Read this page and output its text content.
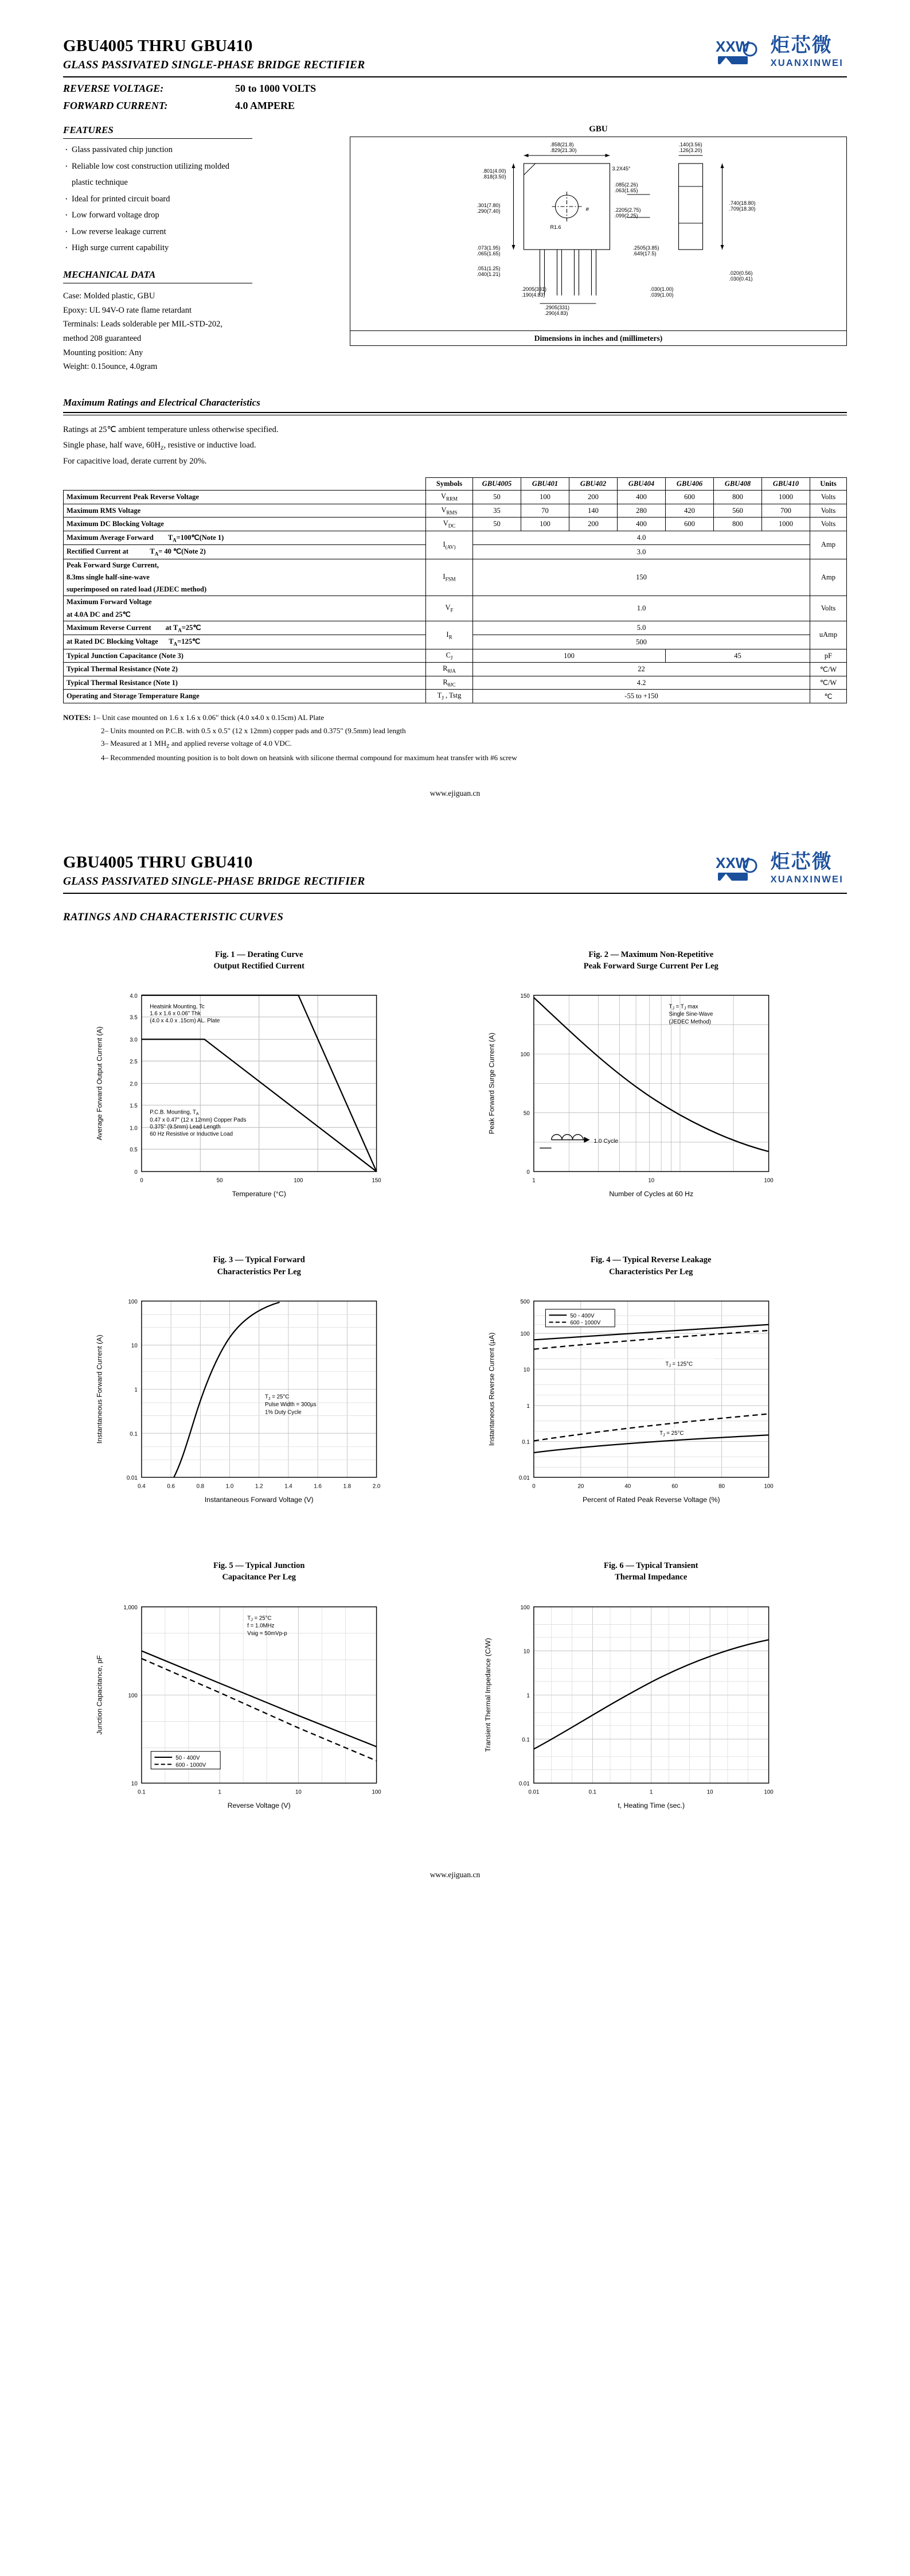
GBU4005 THRU GBU410
GLASS PASSIVATED SINGLE-PHASE BRIDGE RECTIFIER
XXW 炬芯微
XUANXINWEI
REVERSE VOLTAGE:	50 to 1000 VOLTS
FORWARD CURRENT:	4.0 AMPERE
FEATURES
· Glass passivated chip junction
· Reliable low cost construction utilizing molded
plastic technique
· Ideal for printed circuit board
· Low forward voltage drop
· Low reverse leakage current
· High surge current capability
MECHANICAL DATA
Case: Molded plastic, GBU
Epoxy: UL 94V-O rate flame retardant
Terminals: Leads solderable per MIL-STD-202,
method 208 guaranteed
Mounting position: Any
Weight: 0.15ounce, 4.0gram
GBU
.858(21.8)
.829(21.30)
.801(4.00)
.818(3.50)
.301(7.80)
.290(7.40)
.073(1.95)
.065(1.65)
.051(1.25)
.040(1.21)
.2005(331)
.190(4.83)
.2905(331)
.290(4.83)
.085(2.26)
.063(1.65)
.2205(2.75)
.099(2.25)
3.2X45°
R1.6
ø
.140(3.56)
.126(3.20)
.740(18.80)
.709(18.30)
.2505(3.85)
.649(17.5)
.020(0.56)
.030(0.41)
.030(1.00)
.039(1.00)
Dimensions in inches and (millimeters)
Maximum Ratings and Electrical Characteristics
Ratings at 25℃ ambient temperature unless otherwise specified.
Single phase, half wave, $60H_Z$, resistive or inductive load.
For capacitive load, derate current by 20%.
	Symbols	GBU4005	GBU401	GBU402	GBU404	GBU406	GBU408	GBU410	Units
Maximum Recurrent Peak Reverse Voltage	$V_{RRM}$	50	100	200	400	600	800	1000	Volts
Maximum RMS Voltage	$V_{RMS}$	35	70	140	280	420	560	700	Volts
Maximum DC Blocking Voltage	$V_{DC}$	50	100	200	400	600	800	1000	Volts
Maximum Average Forward        $T_A=100℃(Note$ 1)	$I_{(AV)}$	4.0							Amp
Rectified Current at            $T_A= 40$ ℃(Note 2)		3.0							
Peak Forward Surge Current,	$I_{FSM}$	150							Amp
8.3ms single half-sine-wave									
superimposed on rated load (JEDEC method)									
Maximum Forward Voltage	$V_F$	1.0							Volts
at 4.0A DC and 25℃									
Maximum Reverse Current        at $T_A=25℃$	$I_R$	5.0							uAmp
at Rated DC Blocking Voltage      $T_A=125℃$		500							
Typical Junction Capacitance (Note 3)	$C_J$	100				45			pF
Typical Thermal Resistance (Note 2)	$R_{\theta JA}$	22							℃/W
Typical Thermal Resistance (Note 1)	$R_{\theta JC}$	4.2							℃/W
Operating and Storage Temperature Range	$T_J$ , Tstg	-55 to +150							℃
NOTES: 1– Unit case mounted on 1.6 x 1.6 x 0.06" thick (4.0 x4.0 x 0.15cm) AL Plate
2– Units mounted on P.C.B. with 0.5 x 0.5" (12 x 12mm) copper pads and 0.375" (9.5mm) lead length
3– Measured at 1 $MH_Z$ and applied reverse voltage of 4.0 VDC.
4– Recommended mounting position is to bolt down on heatsink with silicone thermal compound for maximum heat transfer with #6 screw
www.ejiguan.cn
GBU4005 THRU GBU410
GLASS PASSIVATED SINGLE-PHASE BRIDGE RECTIFIER
XXW 炬芯微
XUANXINWEI
RATINGS AND CHARACTERISTIC CURVES
Fig. 1 — Derating Curve
Output Rectified Current
0	50	100	150
4.0
3.5
3.0
2.5
2.0
1.5
1.0
0.5
0
Temperature (°C)
Average Forward Output Current (A)
Heatsink Mounting, Tc
1.6 x 1.6 x 0.06" Thk
(4.0 x 4.0 x .15cm) AL. Plate
P.C.B. Mounting, $T_A$
0.47 x 0.47" (12 x 12mm) Copper Pads
0.375" (9.5mm) Lead Length
60 Hz Resistive or Inductive Load
Fig. 2 — Maximum Non-Repetitive
Peak Forward Surge Current Per Leg
1.0 Cycle
1	10	100
150
100
50
0
Number of Cycles at 60 Hz
Peak Forward Surge Current (A)
$T_J = T_J$ max
Single Sine-Wave
(JEDEC Method)
Fig. 3 — Typical Forward
Characteristics Per Leg
0.4	0.6	0.8	1.0	1.2	1.4	1.6	1.8	2.0
100
10
1
0.1
0.01
Instantaneous Forward Voltage (V)
Instantaneous Forward Current (A)	$T_J = 25^\circ C$
Pulse Width = 300µs
1% Duty Cycle
Fig. 4 — Typical Reverse Leakage
Characteristics Per Leg
50 - 400V
600 - 1000V
$T_J = 125^\circ C$
$T_J = 25^\circ C$
0	20	40	60	80	100
500
100
10
1
0.1
0.01
Percent of Rated Peak Reverse Voltage (%)
Instantaneous Reverse Current (µA)
Fig. 5 — Typical Junction
Capacitance Per Leg
50 - 400V
600 - 1000V
$T_J = 25^\circ C$
f = 1.0MHz
Vsig = 50mVp-p
0.1	1	10	100
1,000
100
10
Reverse Voltage (V)
Junction Capacitance, pF
Fig. 6 — Typical Transient
Thermal Impedance
0.01	0.1	1	10	100
100
10
1
0.1
0.01
t, Heating Time (sec.)
Transient Thermal Impedance (C/W)
www.ejiguan.cn
